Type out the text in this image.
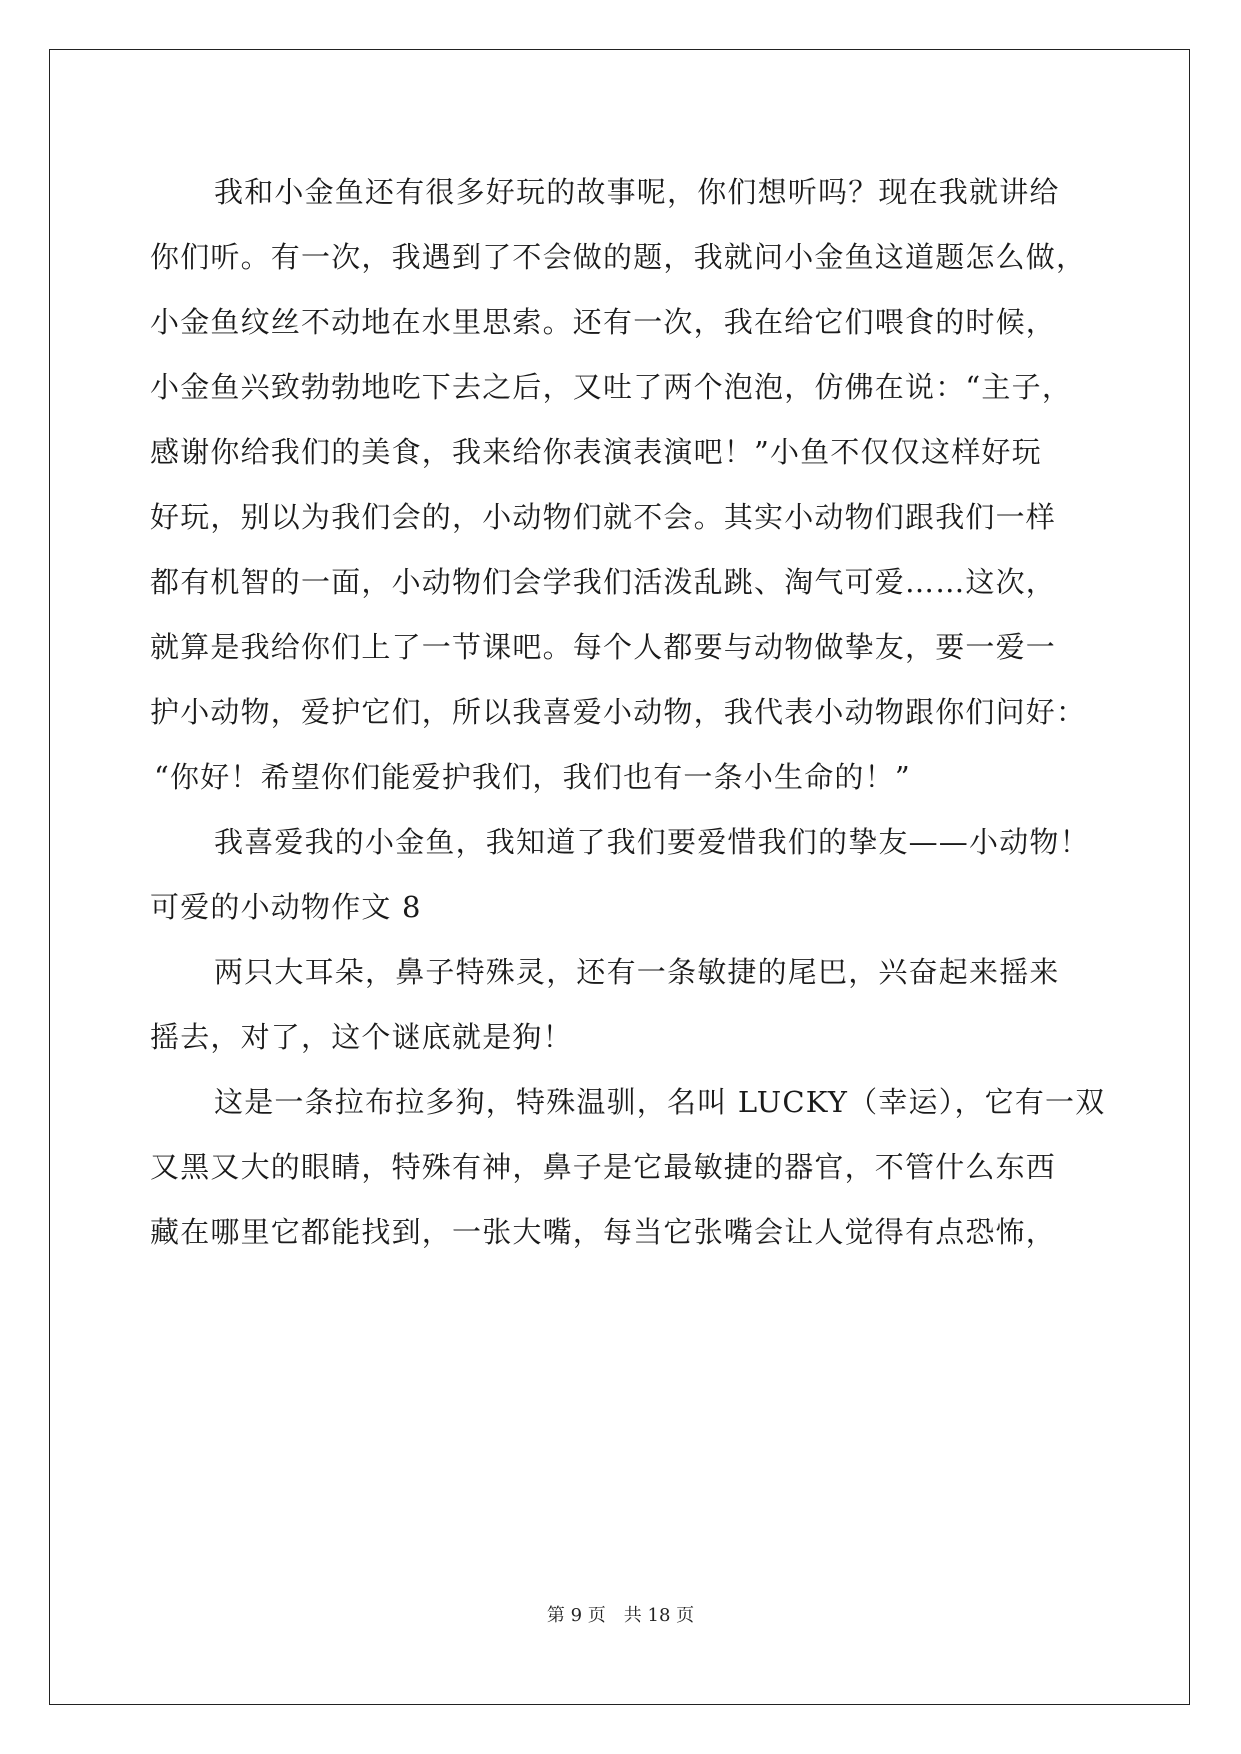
我和小金鱼还有很多好玩的故事呢，你们想听吗？现在我就讲给
你们听。有一次，我遇到了不会做的题，我就问小金鱼这道题怎么做，
小金鱼纹丝不动地在水里思索。还有一次，我在给它们喂食的时候，
小金鱼兴致勃勃地吃下去之后，又吐了两个泡泡，仿佛在说：“主子，
感谢你给我们的美食，我来给你表演表演吧！”小鱼不仅仅这样好玩
好玩，别以为我们会的，小动物们就不会。其实小动物们跟我们一样
都有机智的一面，小动物们会学我们活泼乱跳、淘气可爱……这次，
就算是我给你们上了一节课吧。每个人都要与动物做挚友，要一爱一
护小动物，爱护它们，所以我喜爱小动物，我代表小动物跟你们问好：
“你好！希望你们能爱护我们，我们也有一条小生命的！”
我喜爱我的小金鱼，我知道了我们要爱惜我们的挚友——小动物！
可爱的小动物作文 8
两只大耳朵，鼻子特殊灵，还有一条敏捷的尾巴，兴奋起来摇来
摇去，对了，这个谜底就是狗！
这是一条拉布拉多狗，特殊温驯，名叫 LUCKY（幸运），它有一双
又黑又大的眼睛，特殊有神，鼻子是它最敏捷的器官，不管什么东西
藏在哪里它都能找到，一张大嘴，每当它张嘴会让人觉得有点恐怖，
第 9 页　共 18 页
